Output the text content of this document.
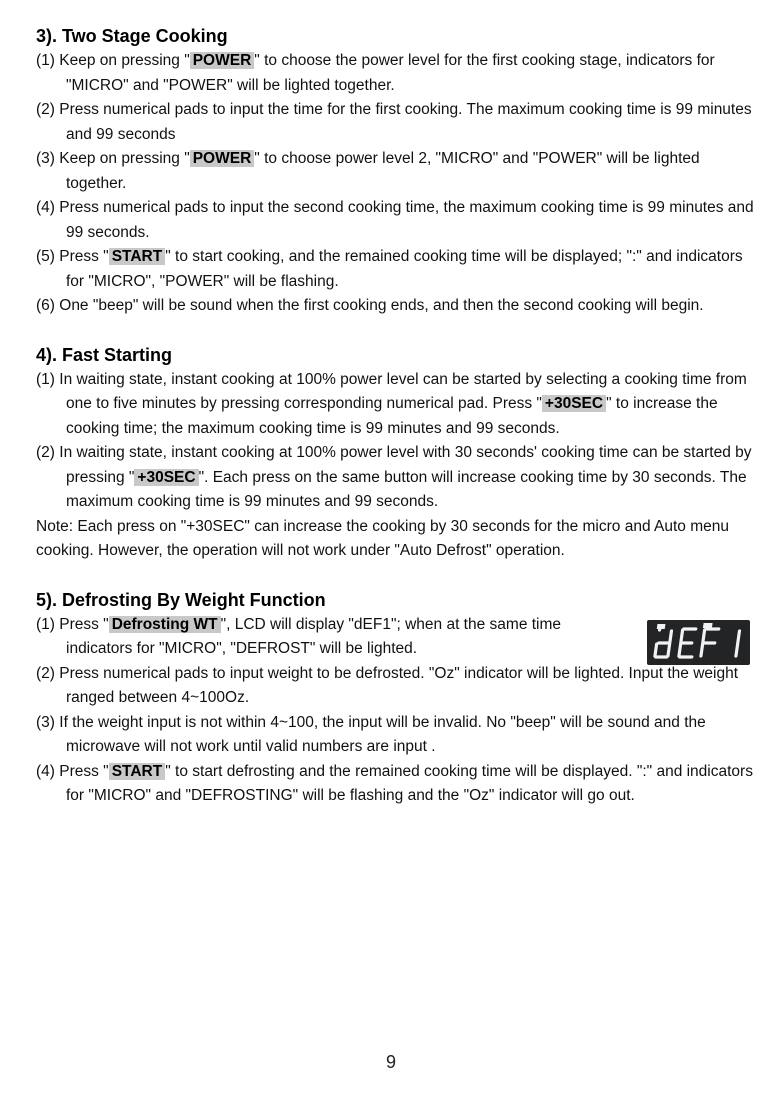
3). Two Stage Cooking
(1) Keep on pressing " POWER " to choose the power level for the first cooking stage, indicators for "MICRO" and "POWER" will be lighted together.
(2) Press numerical pads to input the time for the first cooking. The maximum cooking time is 99 minutes and 99 seconds
(3) Keep on pressing " POWER " to choose power level 2, "MICRO" and "POWER" will be lighted together.
(4) Press numerical pads to input the second cooking time, the maximum cooking time is 99 minutes and 99 seconds.
(5) Press " START " to start cooking, and the remained cooking time will be displayed; ":" and indicators for "MICRO", "POWER" will be flashing.
(6) One "beep" will be sound when the first cooking ends, and then the second cooking will begin.
4). Fast Starting
(1) In waiting state, instant cooking at 100% power level can be started by selecting a cooking time from one to five minutes by pressing corresponding numerical pad. Press " +30SEC " to increase the cooking time; the maximum cooking time is 99 minutes and 99 seconds.
(2) In waiting state, instant cooking at 100% power level with 30 seconds' cooking time can be started by pressing " +30SEC ". Each press on the same button will increase cooking time by 30 seconds. The maximum cooking time is 99 minutes and 99 seconds.
Note: Each press on "+30SEC" can increase the cooking by 30 seconds for the micro and Auto menu cooking. However, the operation will not work under "Auto Defrost" operation.
5). Defrosting By Weight Function
(1) Press " Defrosting WT ", LCD will display "dEF1"; when at the same time indicators for "MICRO", "DEFROST" will be lighted.
(2) Press numerical pads to input weight to be defrosted. "Oz" indicator will be lighted. Input the weight ranged between 4~100Oz.
(3) If the weight input is not within 4~100, the input will be invalid. No "beep" will be sound and the microwave will not work until valid numbers are input .
(4) Press " START " to start defrosting and the remained cooking time will be displayed. ":" and indicators for "MICRO" and "DEFROSTING" will be flashing and the "Oz" indicator will go out.
9
